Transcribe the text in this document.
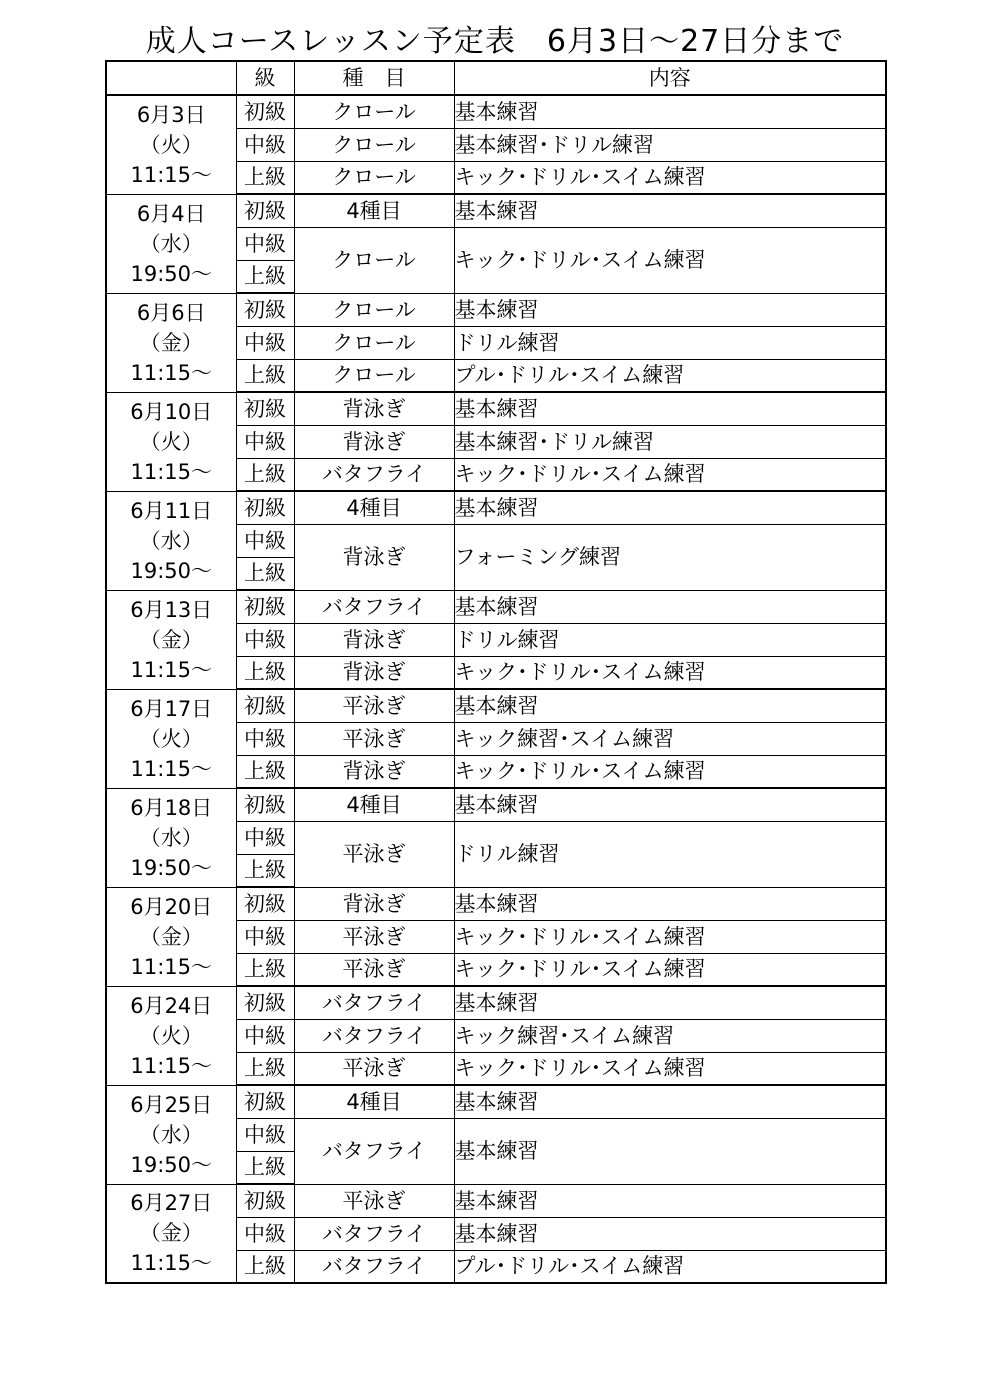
成人コースレッスン予定表　6月3日～27日分まで
	級	種　目	内容

6月3日
（火）
11:15～	初級	クロール	基本練習
	中級	クロール	基本練習･ドリル練習
	上級	クロール	キック･ドリル･スイム練習

6月4日
（水）
19:50～	初級	4種目	基本練習
	中級	クロール	キック･ドリル･スイム練習
	上級		

6月6日
（金）
11:15～	初級	クロール	基本練習
	中級	クロール	ドリル練習
	上級	クロール	プル･ドリル･スイム練習

6月10日
（火）
11:15～	初級	背泳ぎ	基本練習
	中級	背泳ぎ	基本練習･ドリル練習
	上級	バタフライ	キック･ドリル･スイム練習

6月11日
（水）
19:50～	初級	4種目	基本練習
	中級	背泳ぎ	フォーミング練習
	上級		

6月13日
（金）
11:15～	初級	バタフライ	基本練習
	中級	背泳ぎ	ドリル練習
	上級	背泳ぎ	キック･ドリル･スイム練習

6月17日
（火）
11:15～	初級	平泳ぎ	基本練習
	中級	平泳ぎ	キック練習･スイム練習
	上級	背泳ぎ	キック･ドリル･スイム練習

6月18日
（水）
19:50～	初級	4種目	基本練習
	中級	平泳ぎ	ドリル練習
	上級		

6月20日
（金）
11:15～	初級	背泳ぎ	基本練習
	中級	平泳ぎ	キック･ドリル･スイム練習
	上級	平泳ぎ	キック･ドリル･スイム練習

6月24日
（火）
11:15～	初級	バタフライ	基本練習
	中級	バタフライ	キック練習･スイム練習
	上級	平泳ぎ	キック･ドリル･スイム練習

6月25日
（水）
19:50～	初級	4種目	基本練習
	中級	バタフライ	基本練習
	上級		

6月27日
（金）
11:15～	初級	平泳ぎ	基本練習
	中級	バタフライ	基本練習
	上級	バタフライ	プル･ドリル･スイム練習
